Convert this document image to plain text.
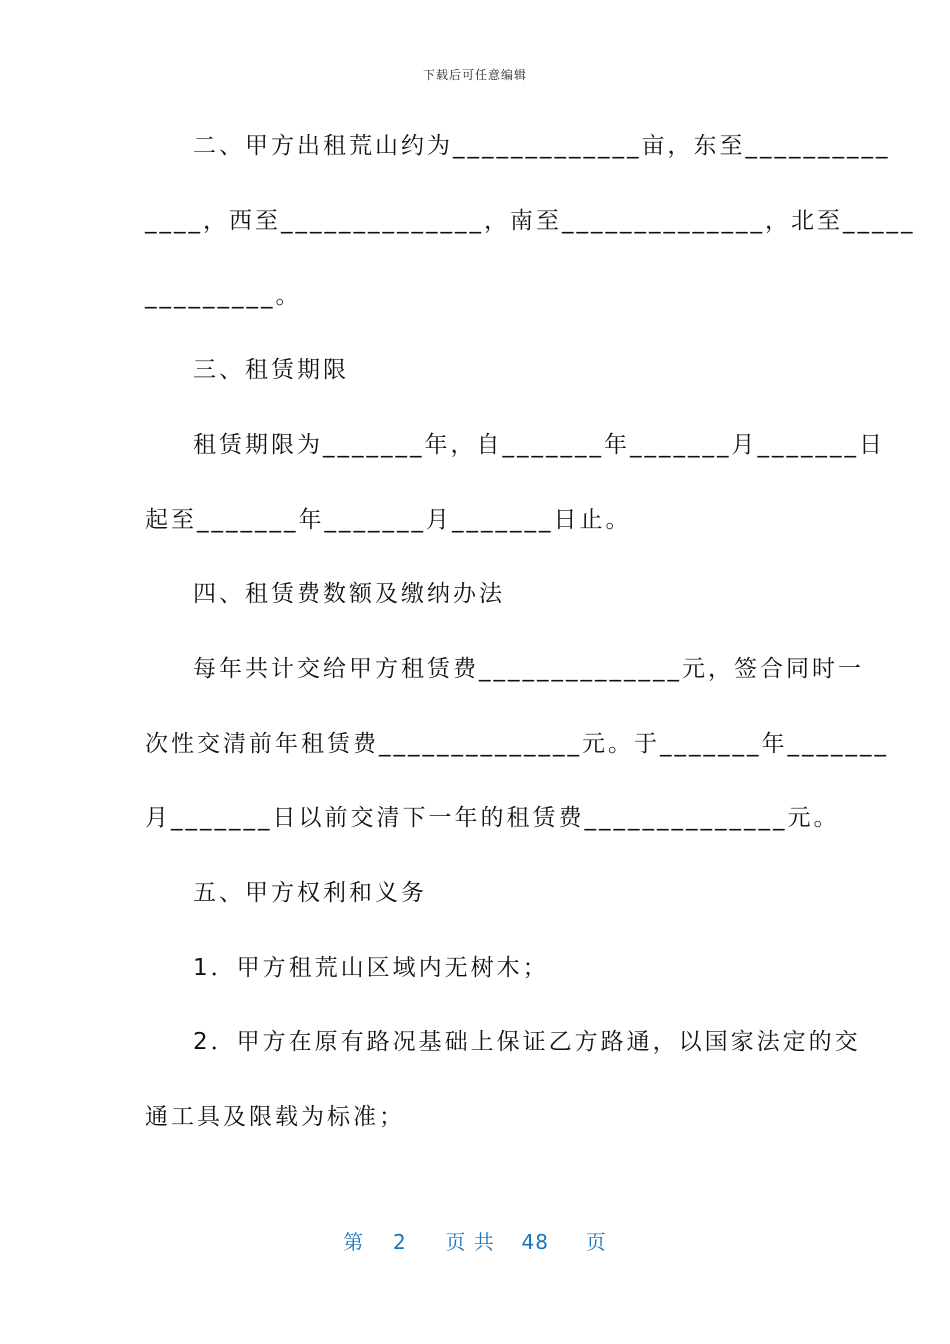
下载后可任意编辑
二、甲方出租荒山约为_____________亩，东至__________
____，西至______________，南至______________，北至_____
_________。
三、租赁期限
租赁期限为_______年，自_______年_______月_______日
起至_______年_______月_______日止。
四、租赁费数额及缴纳办法
每年共计交给甲方租赁费______________元，签合同时一
次性交清前年租赁费______________元。于_______年_______
月_______日以前交清下一年的租赁费______________元。
五、甲方权利和义务
1．甲方租荒山区域内无树木；
2．甲方在原有路况基础上保证乙方路通，以国家法定的交
通工具及限载为标准；
第 2 页 共 48 页
